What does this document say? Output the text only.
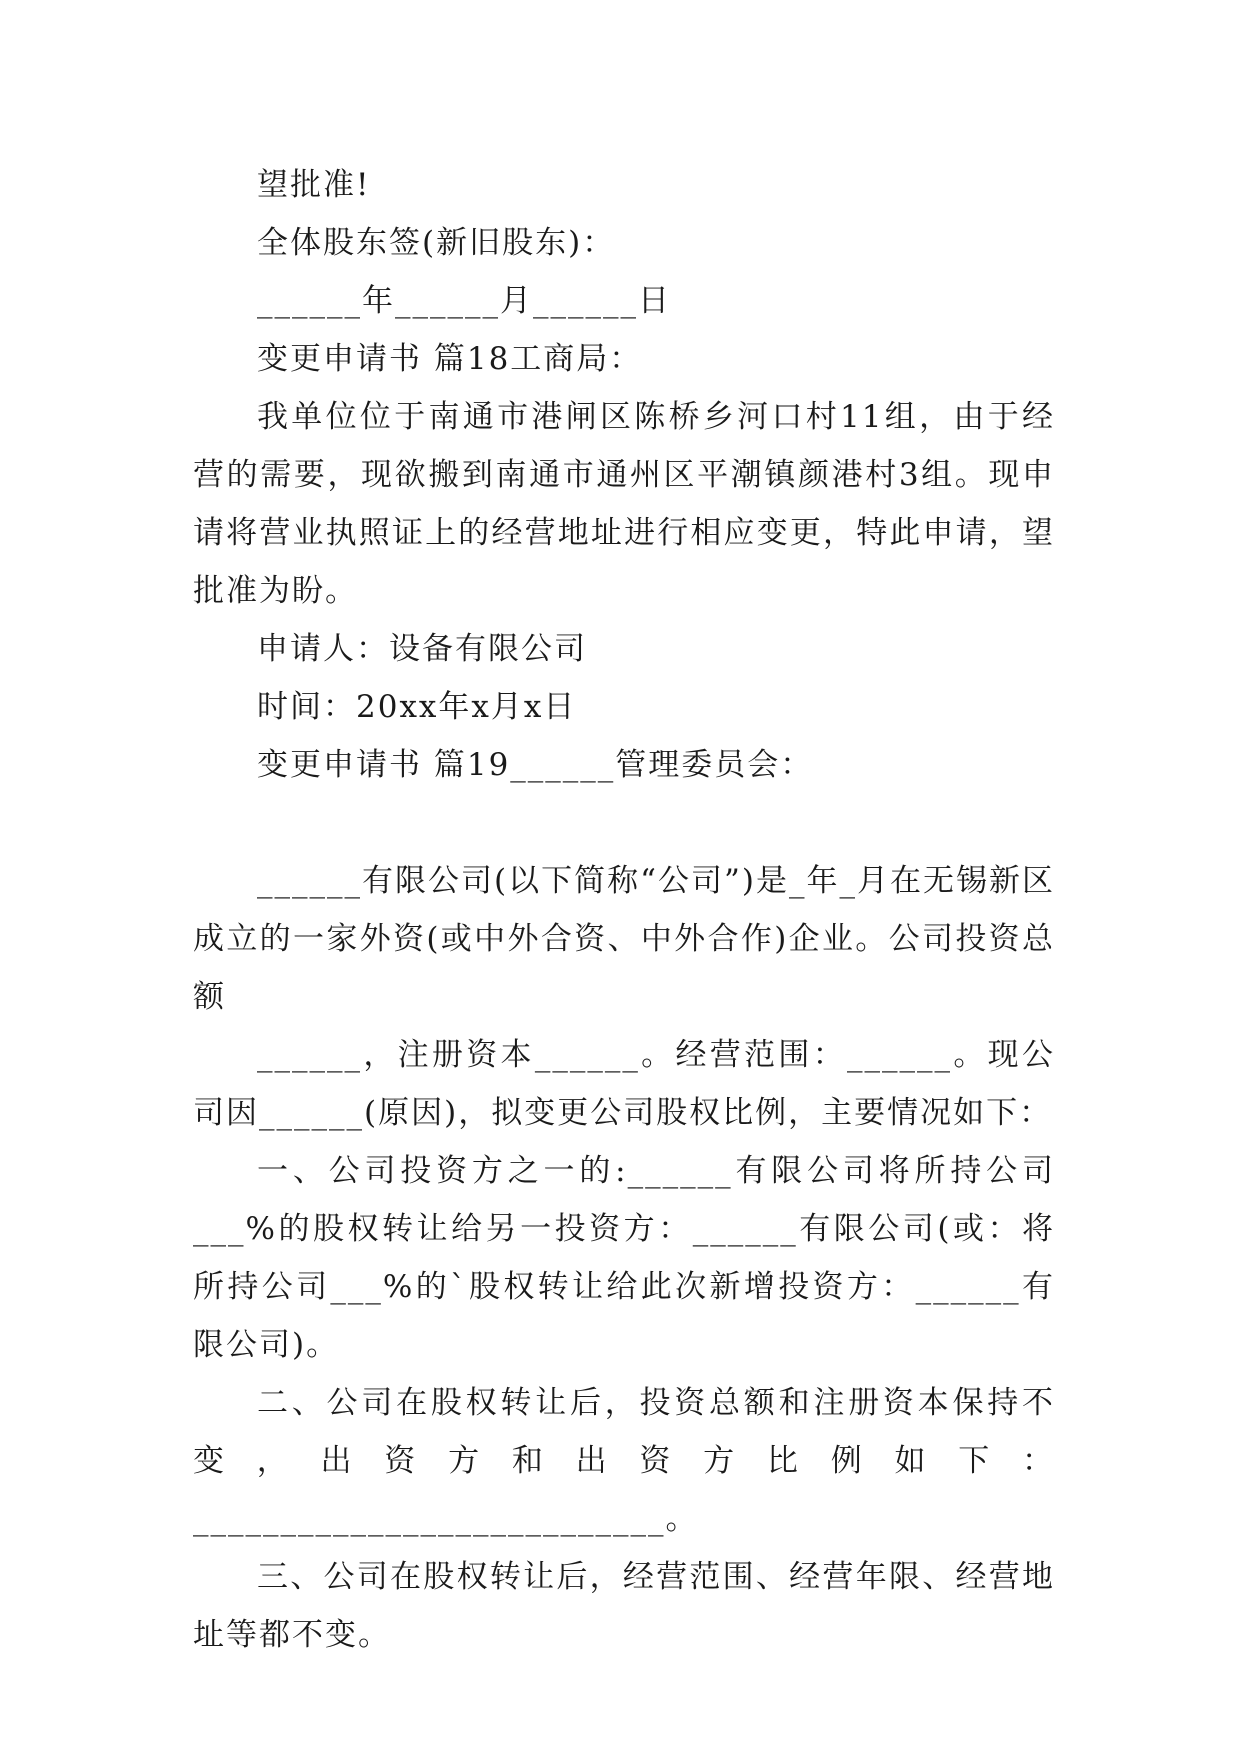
望批准!

全体股东签(新旧股东)：

______年______月______日

变更申请书 篇18工商局：

我单位位于南通市港闸区陈桥乡河口村11组，由于经营的需要，现欲搬到南通市通州区平潮镇颜港村3组。现申请将营业执照证上的经营地址进行相应变更，特此申请，望批准为盼。

申请人：设备有限公司

时间：20xx年x月x日

变更申请书 篇19______管理委员会：

______有限公司(以下简称“公司”)是_年_月在无锡新区成立的一家外资(或中外合资、中外合作)企业。公司投资总额

______，注册资本______。经营范围：______。现公司因______(原因)，拟变更公司股权比例，主要情况如下：

一、公司投资方之一的:______有限公司将所持公司___%的股权转让给另一投资方：______有限公司(或：将所持公司___%的`股权转让给此次新增投资方：______有限公司)。

二、公司在股权转让后，投资总额和注册资本保持不变，出资方和出资方比例如下：___________________________。

三、公司在股权转让后，经营范围、经营年限、经营地址等都不变。
